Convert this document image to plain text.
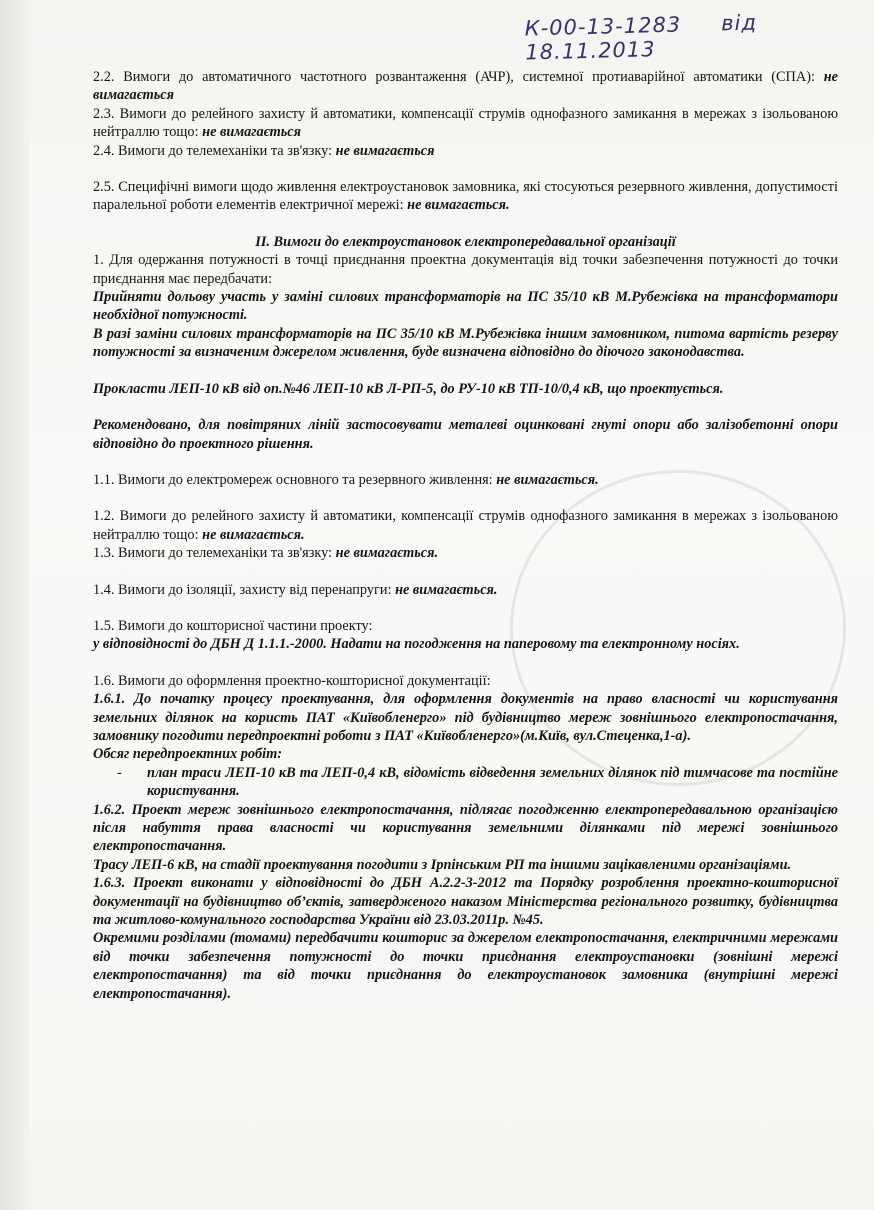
К-00-13-1283 від 18.11.2013

2.2. Вимоги до автоматичного частотного розвантаження (АЧР), системної протиаварійної автоматики (СПА): не вимагається

2.3. Вимоги до релейного захисту й автоматики, компенсації струмів однофазного замикання в мережах з ізольованою нейтраллю тощо: не вимагається

2.4. Вимоги до телемеханіки та зв'язку: не вимагається

2.5. Специфічні вимоги щодо живлення електроустановок замовника, які стосуються резервного живлення, допустимості паралельної роботи елементів електричної мережі: не вимагається.

ІІ. Вимоги до електроустановок електропередавальної організації

1. Для одержання потужності в точці приєднання проектна документація від точки забезпечення потужності до точки приєднання має передбачати:

Прийняти дольову участь у заміні силових трансформаторів на ПС 35/10 кВ М.Рубежівка на трансформатори необхідної потужності.

В разі заміни силових трансформаторів на ПС 35/10 кВ М.Рубежівка іншим замовником, питома вартість резерву потужності за визначеним джерелом живлення, буде визначена відповідно до діючого законодавства.

Прокласти ЛЕП-10 кВ від оп.№46 ЛЕП-10 кВ Л-РП-5, до РУ-10 кВ ТП-10/0,4 кВ, що проектується.

Рекомендовано, для повітряних ліній застосовувати металеві оцинковані гнуті опори або залізобетонні опори відповідно до проектного рішення.

1.1. Вимоги до електромереж основного та резервного живлення: не вимагається.

1.2. Вимоги до релейного захисту й автоматики, компенсації струмів однофазного замикання в мережах з ізольованою нейтраллю тощо: не вимагається.

1.3. Вимоги до телемеханіки та зв'язку: не вимагається.

1.4. Вимоги до ізоляції, захисту від перенапруги: не вимагається.

1.5. Вимоги до кошторисної частини проекту:

у відповідності до ДБН Д 1.1.1.-2000. Надати на погодження на паперовому та електронному носіях.

1.6. Вимоги до оформлення проектно-кошторисної документації:

1.6.1. До початку процесу проектування, для оформлення документів на право власності чи користування земельних ділянок на користь ПАТ «Київобленерго» під будівництво мереж зовнішнього електропостачання, замовнику погодити передпроектні роботи з ПАТ «Київобленерго»(м.Київ, вул.Стеценка,1-а).

Обсяг передпроектних робіт:

-	план траси ЛЕП-10 кВ та ЛЕП-0,4 кВ, відомість відведення земельних ділянок під тимчасове та постійне користування.

1.6.2. Проект мереж зовнішнього електропостачання, підлягає погодженню електропередавальною організацією після набуття права власності чи користування земельними ділянками під мережі зовнішнього електропостачання.

Трасу ЛЕП-6 кВ, на стадії проектування погодити з Ірпінським РП та іншими зацікавленими організаціями.

1.6.3. Проект виконати у відповідності до ДБН А.2.2-3-2012 та Порядку розроблення проектно-кошторисної документації на будівництво об’єктів, затвердженого наказом Міністерства регіонального розвитку, будівництва та житлово-комунального господарства України від 23.03.2011р. №45.

Окремими розділами (томами) передбачити кошторис за джерелом електропостачання, електричними мережами від точки забезпечення потужності до точки приєднання електроустановки (зовнішні мережі електропостачання) та від точки приєднання до електроустановок замовника (внутрішні мережі електропостачання).
